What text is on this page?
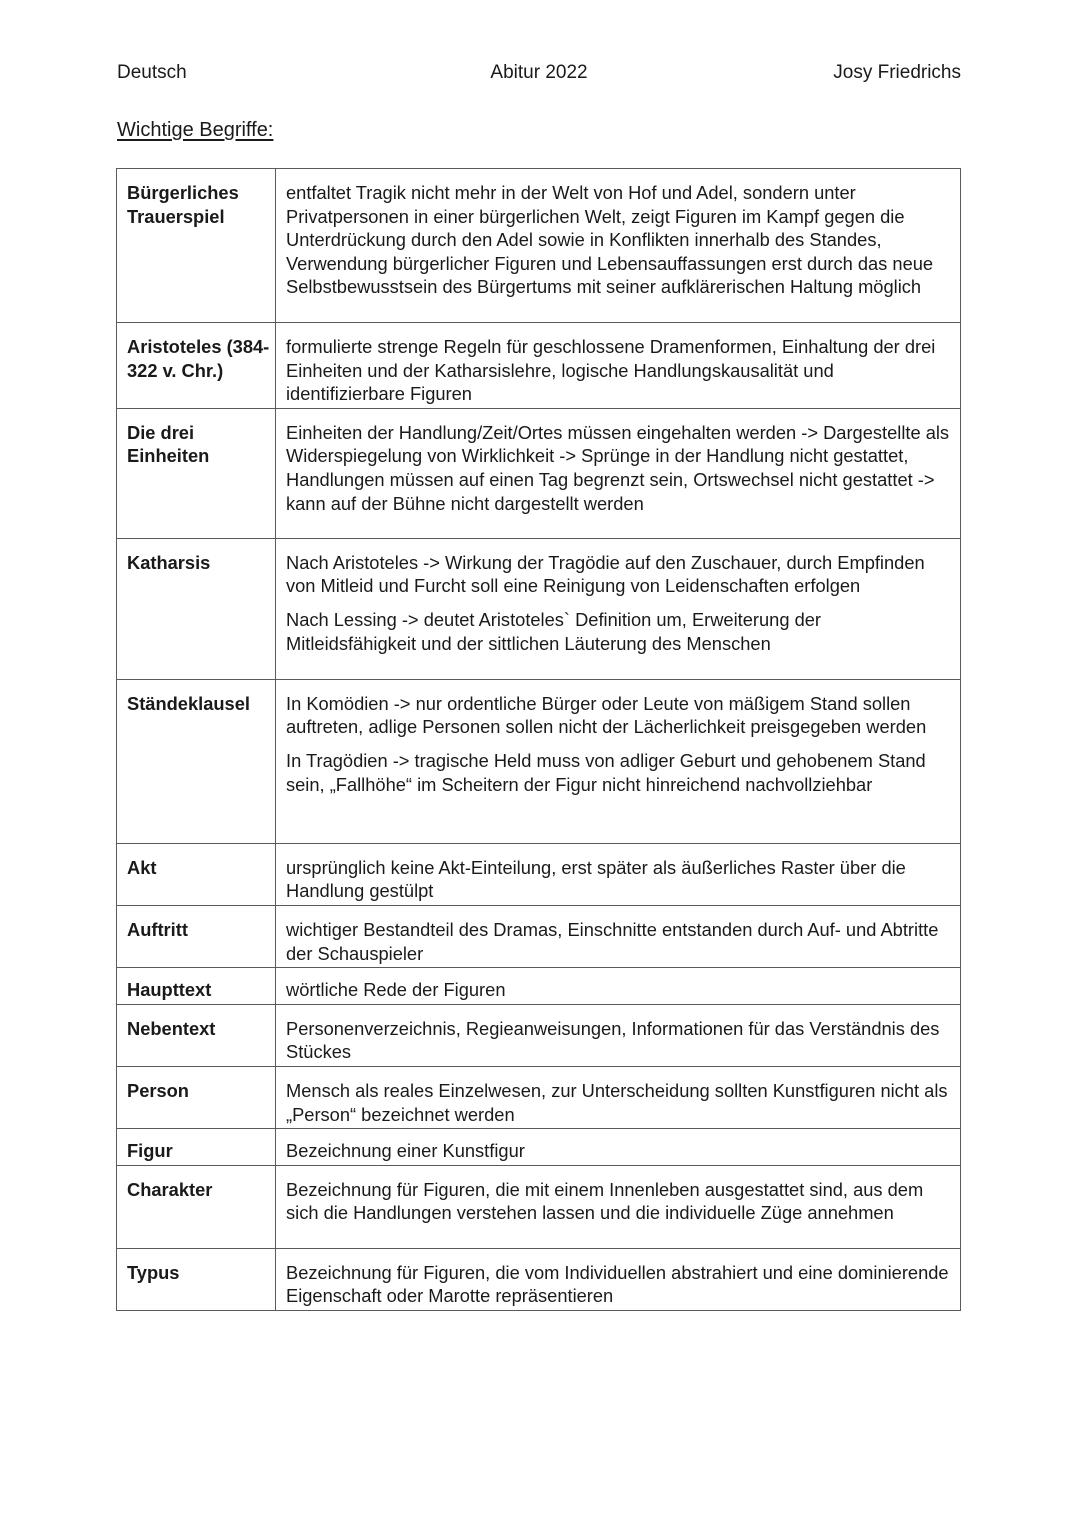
Deutsch	Abitur 2022	Josy Friedrichs
Wichtige Begriffe:
Bürgerliches Trauerspiel	entfaltet Tragik nicht mehr in der Welt von Hof und Adel, sondern unter Privatpersonen in einer bürgerlichen Welt, zeigt Figuren im Kampf gegen die Unterdrückung durch den Adel sowie in Konflikten innerhalb des Standes, Verwendung bürgerlicher Figuren und Lebensauffassungen erst durch das neue Selbstbewusstsein des Bürgertums mit seiner aufklärerischen Haltung möglich

Aristoteles (384-322 v. Chr.)	formulierte strenge Regeln für geschlossene Dramenformen, Einhaltung der drei Einheiten und der Katharsislehre, logische Handlungskausalität und identifizierbare Figuren

Die drei Einheiten	Einheiten der Handlung/Zeit/Ortes müssen eingehalten werden -> Dargestellte als Widerspiegelung von Wirklichkeit -> Sprünge in der Handlung nicht gestattet, Handlungen müssen auf einen Tag begrenzt sein, Ortswechsel nicht gestattet -> kann auf der Bühne nicht dargestellt werden

Katharsis	Nach Aristoteles -> Wirkung der Tragödie auf den Zuschauer, durch Empfinden von Mitleid und Furcht soll eine Reinigung von Leidenschaften erfolgen

Nach Lessing -> deutet Aristoteles` Definition um, Erweiterung der Mitleidsfähigkeit und der sittlichen Läuterung des Menschen

Ständeklausel	In Komödien -> nur ordentliche Bürger oder Leute von mäßigem Stand sollen auftreten, adlige Personen sollen nicht der Lächerlichkeit preisgegeben werden

In Tragödien -> tragische Held muss von adliger Geburt und gehobenem Stand sein, „Fallhöhe“ im Scheitern der Figur nicht hinreichend nachvollziehbar

Akt	ursprünglich keine Akt-Einteilung, erst später als äußerliches Raster über die Handlung gestülpt

Auftritt	wichtiger Bestandteil des Dramas, Einschnitte entstanden durch Auf- und Abtritte der Schauspieler

Haupttext	wörtliche Rede der Figuren

Nebentext	Personenverzeichnis, Regieanweisungen, Informationen für das Verständnis des Stückes

Person	Mensch als reales Einzelwesen, zur Unterscheidung sollten Kunstfiguren nicht als „Person“ bezeichnet werden

Figur	Bezeichnung einer Kunstfigur

Charakter	Bezeichnung für Figuren, die mit einem Innenleben ausgestattet sind, aus dem sich die Handlungen verstehen lassen und die individuelle Züge annehmen

Typus	Bezeichnung für Figuren, die vom Individuellen abstrahiert und eine dominierende Eigenschaft oder Marotte repräsentieren
